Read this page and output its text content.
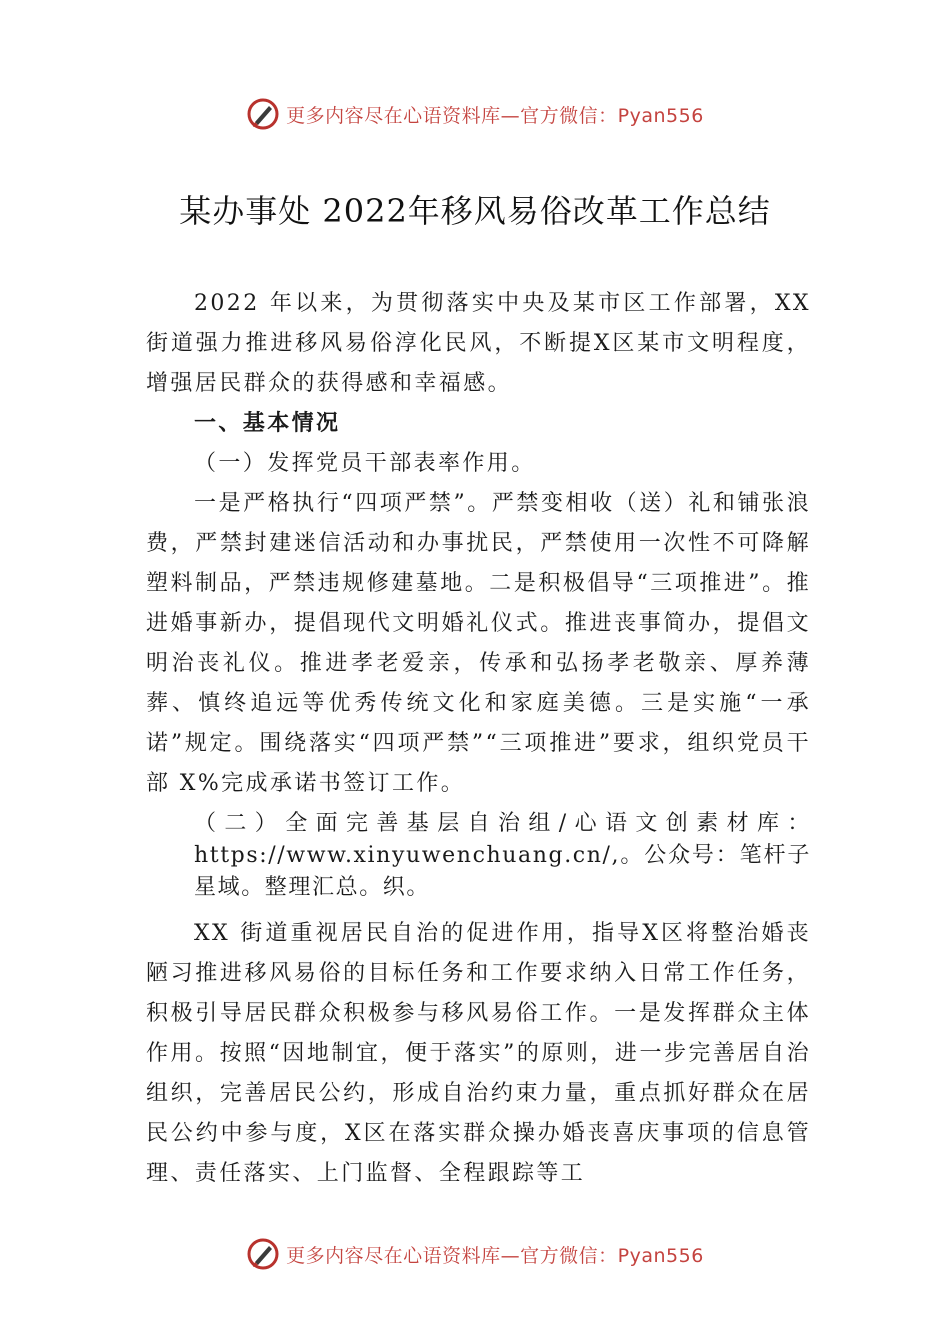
更多内容尽在心语资料库—官方微信：Pyan556
某办事处 2022年移风易俗改革工作总结

2022 年以来，为贯彻落实中央及某市区工作部署，XX 街道强力推进移风易俗淳化民风，不断提X区某市文明程度，增强居民群众的获得感和幸福感。

一、基本情况

（一）发挥党员干部表率作用。

一是严格执行“四项严禁”。严禁变相收（送）礼和铺张浪费，严禁封建迷信活动和办事扰民，严禁使用一次性不可降解塑料制品，严禁违规修建墓地。二是积极倡导“三项推进”。推进婚事新办，提倡现代文明婚礼仪式。推进丧事简办，提倡文明治丧礼仪。推进孝老爱亲，传承和弘扬孝老敬亲、厚养薄葬、慎终追远等优秀传统文化和家庭美德。三是实施“一承诺”规定。围绕落实“四项严禁”“三项推进”要求，组织党员干部 X%完成承诺书签订工作。

（二）全面完善基层自治组/心语文创素材库：https://www.xinyuwenchuang.cn/,。公众号：笔杆子星域。整理汇总。织。

XX 街道重视居民自治的促进作用，指导X区将整治婚丧陋习推进移风易俗的目标任务和工作要求纳入日常工作任务，积极引导居民群众积极参与移风易俗工作。一是发挥群众主体作用。按照“因地制宜，便于落实”的原则，进一步完善居自治组织，完善居民公约，形成自治约束力量，重点抓好群众在居民公约中参与度，X区在落实群众操办婚丧喜庆事项的信息管理、责任落实、上门监督、全程跟踪等工

更多内容尽在心语资料库—官方微信：Pyan556
